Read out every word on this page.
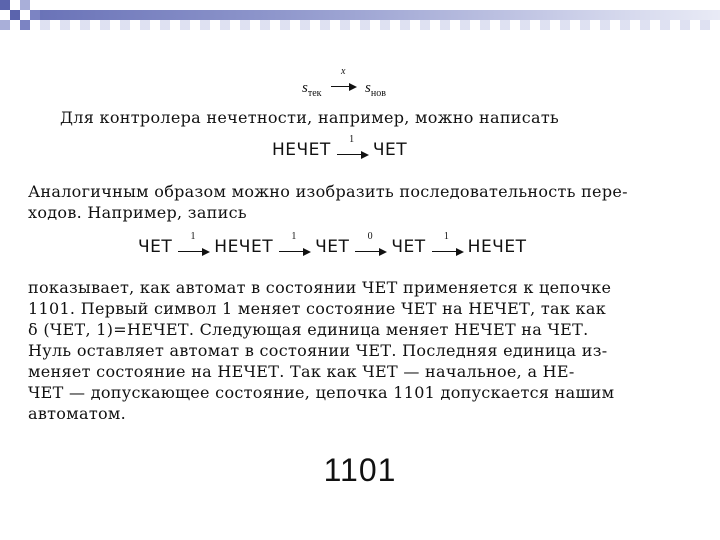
$s_{тек}$
x
$s_{нов}$
Для контролера нечетности, например, можно написать
НЕЧЕТ
1
ЧЕТ
Аналогичным образом можно изобразить последовательность пере-
ходов. Например, запись
ЧЕТ
1
НЕЧЕТ
1
ЧЕТ
0
ЧЕТ
1
НЕЧЕТ
показывает, как автомат в состоянии ЧЕТ применяется к цепочке
1101. Первый символ 1 меняет состояние ЧЕТ на НЕЧЕТ, так как
δ (ЧЕТ, 1)=НЕЧЕТ. Следующая единица меняет НЕЧЕТ на ЧЕТ.
Нуль оставляет автомат в состоянии ЧЕТ. Последняя единица из-
меняет состояние на НЕЧЕТ. Так как ЧЕТ — начальное, а НЕ-
ЧЕТ — допускающее состояние, цепочка 1101 допускается нашим
автоматом.
1101
